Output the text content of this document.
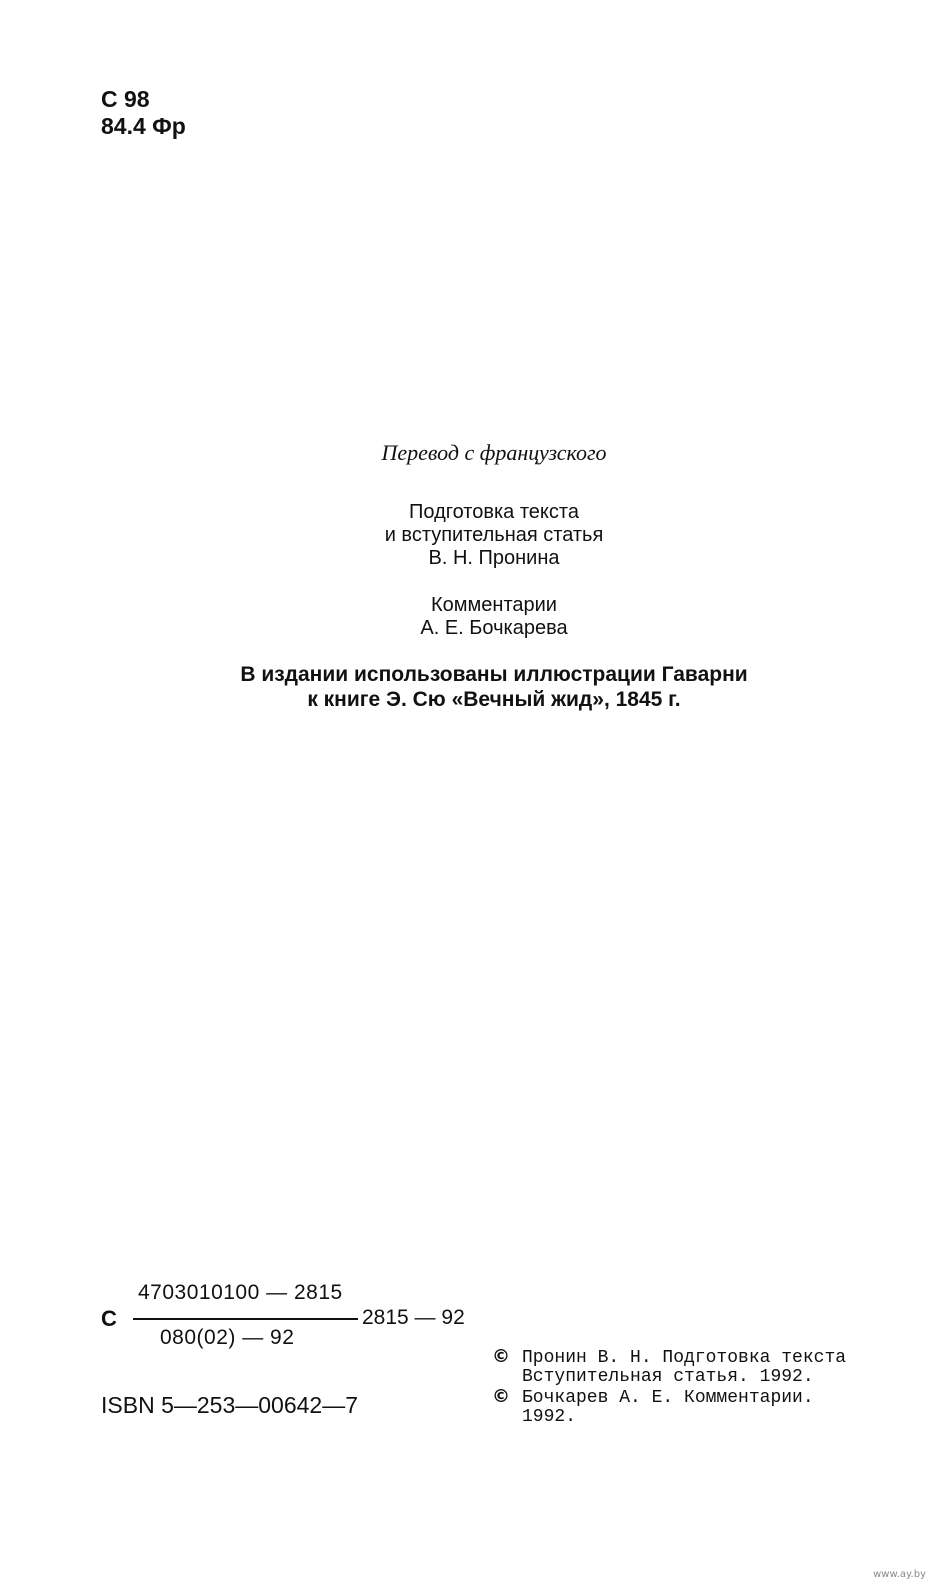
С 98
84.4 Фр
Перевод с французского
Подготовка текста
и вступительная статья
В. Н. Пронина
Комментарии
А. Е. Бочкарева
В издании использованы иллюстрации Гаварни
к книге Э. Сю «Вечный жид», 1845 г.
С
4703010100 — 2815
080(02) — 92
2815 — 92
ISBN 5—253—00642—7
© Пронин В. Н. Подготовка текста
Вступительная статья. 1992.
© Бочкарев А. Е. Комментарии.
1992.
www.ay.by
